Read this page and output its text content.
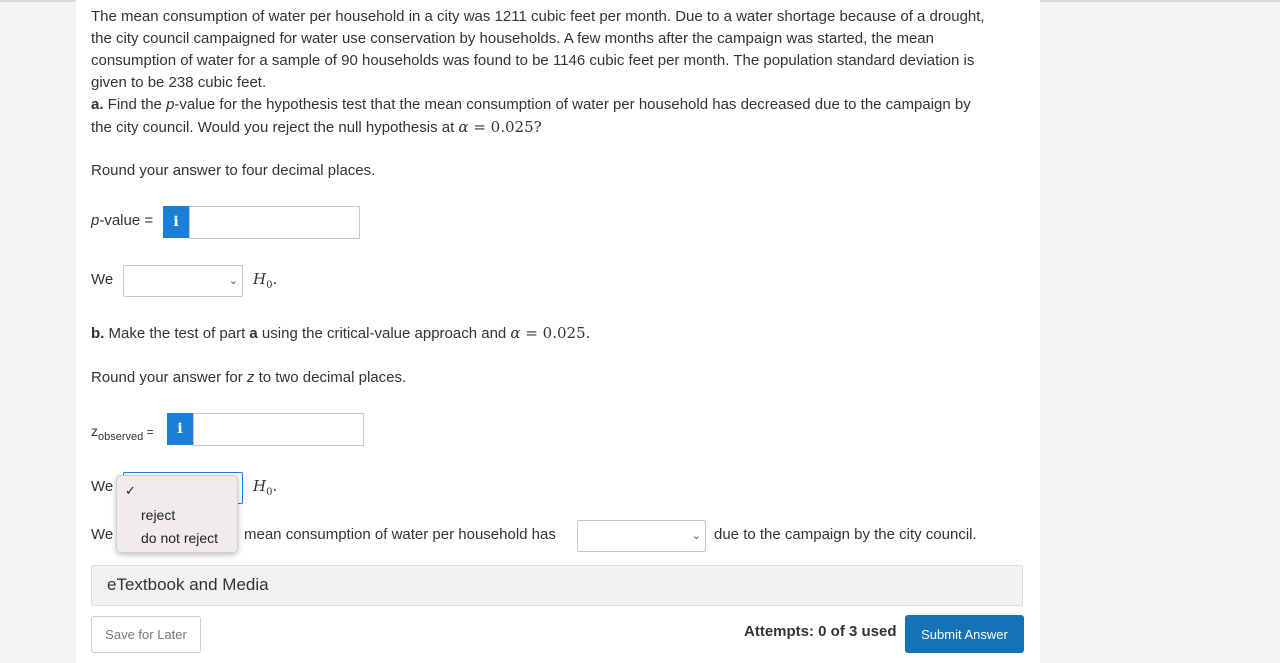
The mean consumption of water per household in a city was 1211 cubic feet per month. Due to a water shortage because of a drought,

the city council campaigned for water use conservation by households. A few months after the campaign was started, the mean

consumption of water for a sample of 90 households was found to be 1146 cubic feet per month. The population standard deviation is

given to be 238 cubic feet.

a. Find the p-value for the hypothesis test that the mean consumption of water per household has decreased due to the campaign by

the city council. Would you reject the null hypothesis at α = 0.025?

Round your answer to four decimal places.

p-value =	i

We	⌄ $H_0$.

b. Make the test of part a using the critical-value approach and α = 0.025.

Round your answer for z to two decimal places.

$z_{observed}$ =	i

We	$H_0$.

We	mean consumption of water per household has	⌄ due to the campaign by the city council.

eTextbook and Media
Save for Later	Attempts: 0 of 3 used	Submit Answer
✓
reject
do not reject
